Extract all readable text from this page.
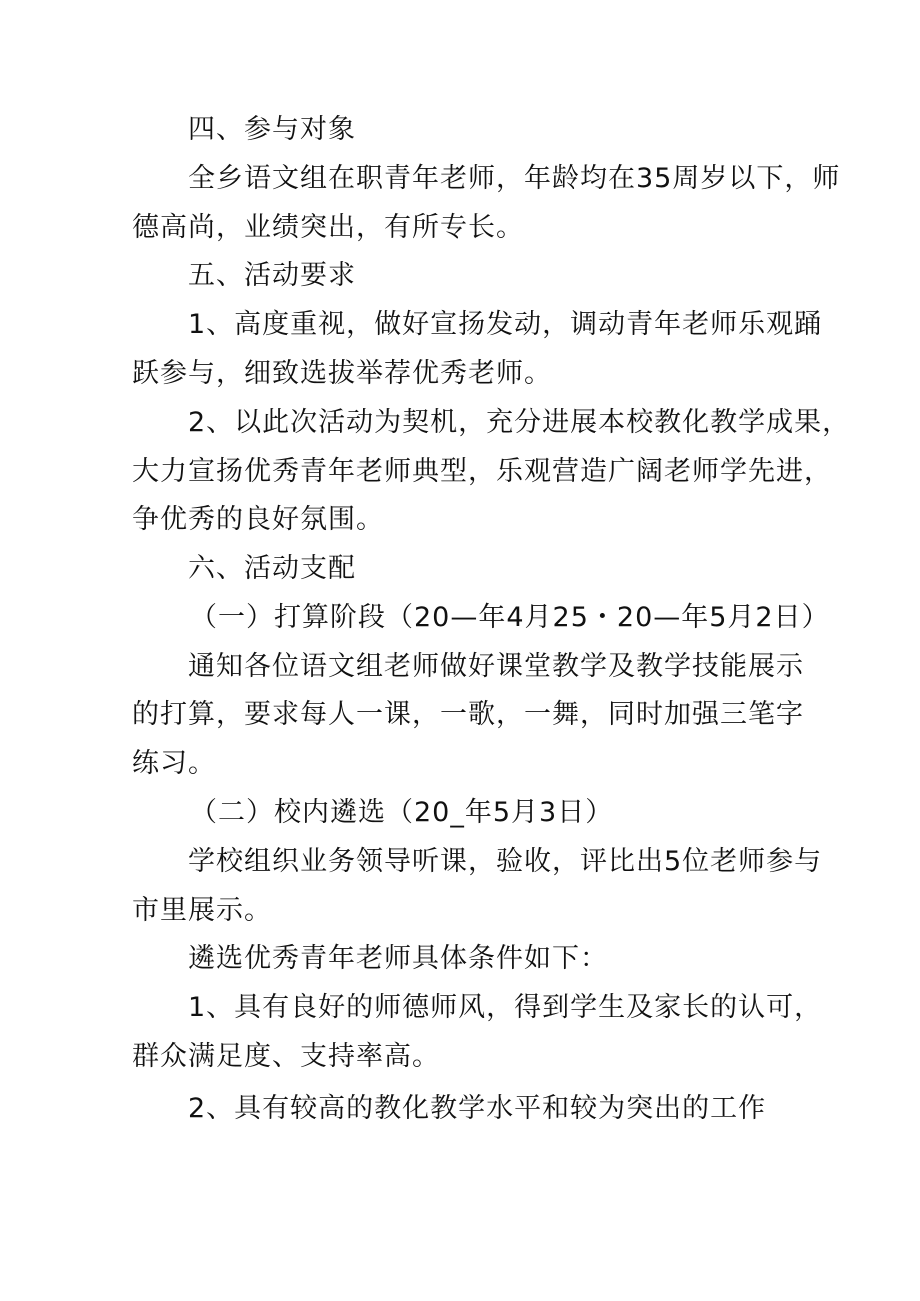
四、参与对象
全乡语文组在职青年老师，年龄均在35周岁以下，师
德高尚，业绩突出，有所专长。
五、活动要求
1、高度重视，做好宣扬发动，调动青年老师乐观踊
跃参与，细致选拔举荐优秀老师。
2、以此次活动为契机，充分进展本校教化教学成果，
大力宣扬优秀青年老师典型，乐观营造广阔老师学先进，
争优秀的良好氛围。
六、活动支配
（一）打算阶段（20—年4月25・20—年5月2日）
通知各位语文组老师做好课堂教学及教学技能展示
的打算，要求每人一课，一歌，一舞，同时加强三笔字
练习。
（二）校内遴选（20_年5月3日）
学校组织业务领导听课，验收，评比出5位老师参与
市里展示。
遴选优秀青年老师具体条件如下：
1、具有良好的师德师风，得到学生及家长的认可，
群众满足度、支持率高。
2、具有较高的教化教学水平和较为突出的工作
